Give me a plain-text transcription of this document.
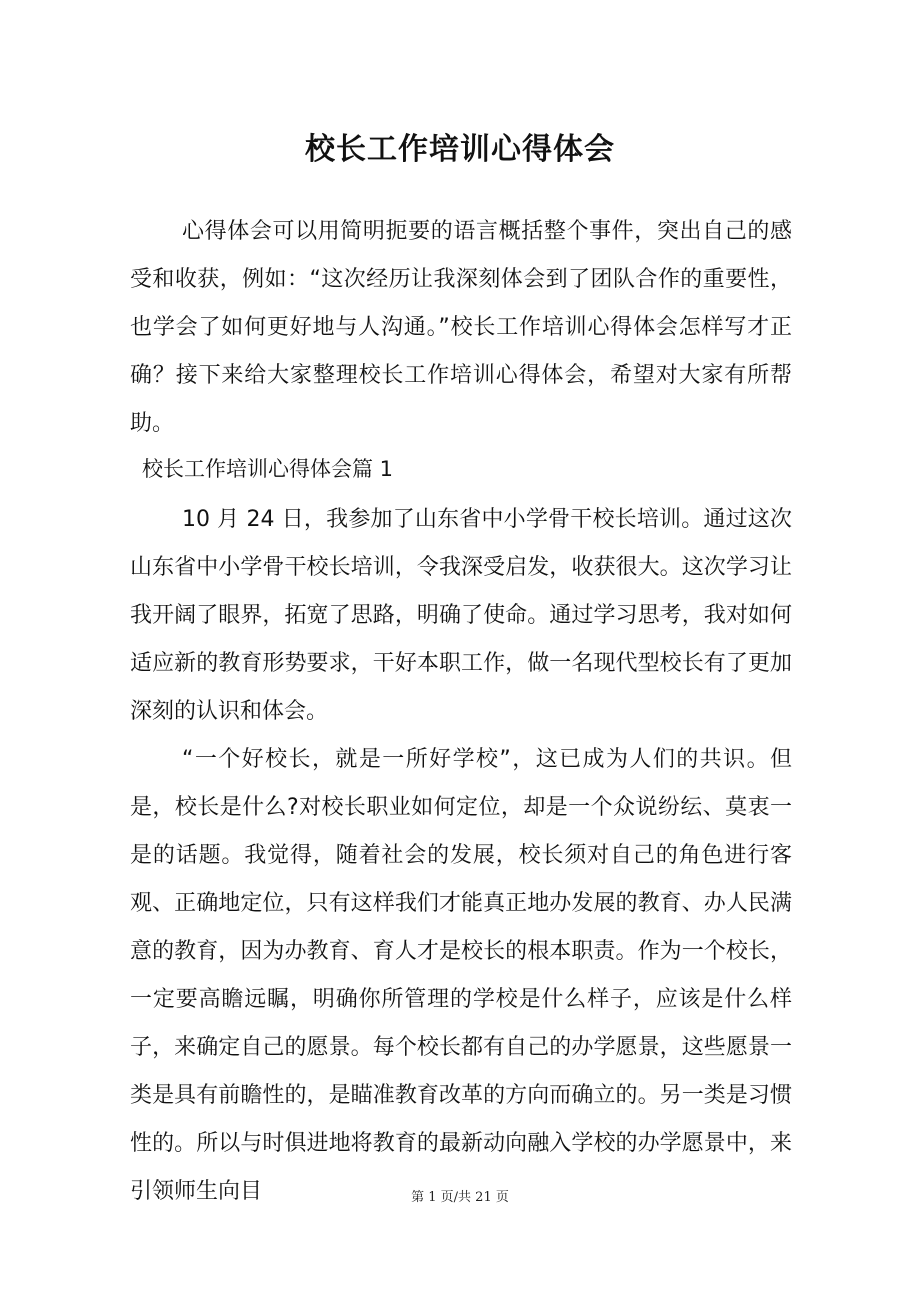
校长工作培训心得体会

心得体会可以用简明扼要的语言概括整个事件，突出自己的感受和收获，例如：“这次经历让我深刻体会到了团队合作的重要性，也学会了如何更好地与人沟通。”校长工作培训心得体会怎样写才正确？接下来给大家整理校长工作培训心得体会，希望对大家有所帮助。

校长工作培训心得体会篇 1

10 月 24 日，我参加了山东省中小学骨干校长培训。通过这次山东省中小学骨干校长培训，令我深受启发，收获很大。这次学习让我开阔了眼界，拓宽了思路，明确了使命。通过学习思考，我对如何适应新的教育形势要求，干好本职工作，做一名现代型校长有了更加深刻的认识和体会。

“一个好校长，就是一所好学校”，这已成为人们的共识。但是，校长是什么?对校长职业如何定位，却是一个众说纷纭、莫衷一是的话题。我觉得，随着社会的发展，校长须对自己的角色进行客观、正确地定位，只有这样我们才能真正地办发展的教育、办人民满意的教育，因为办教育、育人才是校长的根本职责。作为一个校长，一定要高瞻远瞩，明确你所管理的学校是什么样子，应该是什么样子，来确定自己的愿景。每个校长都有自己的办学愿景，这些愿景一类是具有前瞻性的，是瞄准教育改革的方向而确立的。另一类是习惯性的。所以与时俱进地将教育的最新动向融入学校的办学愿景中，来引领师生向目	第 1 页/共 21 页
